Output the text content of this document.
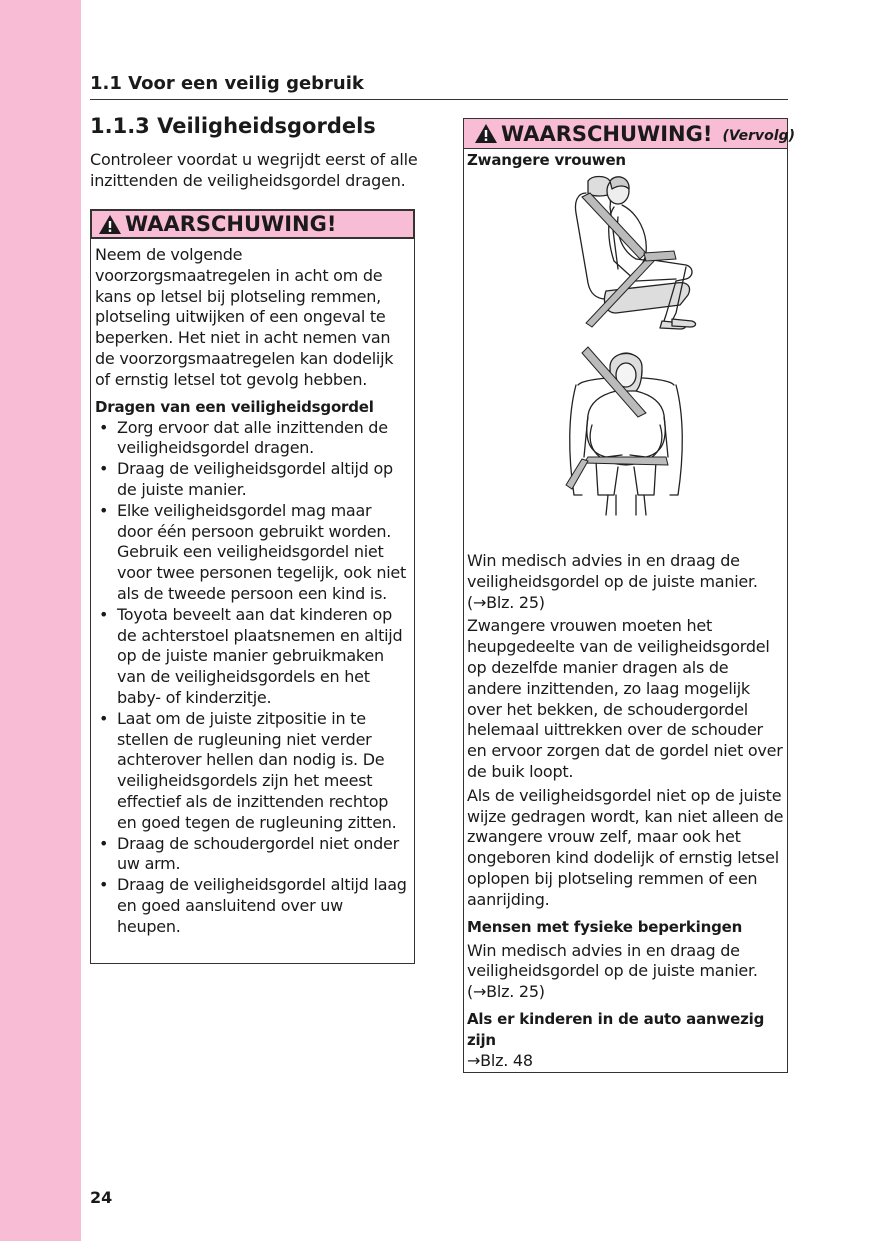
1.1 Voor een veilig gebruik
1.1.3 Veiligheidsgordels

Controleer voordat u wegrijdt eerst of alle inzittenden de veiligheidsgordel dragen.

WAARSCHUWING!

Neem de volgende voorzorgsmaatregelen in acht om de kans op letsel bij plotseling remmen, plotseling uitwijken of een ongeval te beperken. Het niet in acht nemen van de voorzorgsmaatregelen kan dodelijk of ernstig letsel tot gevolg hebben.

Dragen van een veiligheidsgordel

• Zorg ervoor dat alle inzittenden de veiligheidsgordel dragen.
• Draag de veiligheidsgordel altijd op de juiste manier.
• Elke veiligheidsgordel mag maar door één persoon gebruikt worden. Gebruik een veiligheidsgordel niet voor twee personen tegelijk, ook niet als de tweede persoon een kind is.
• Toyota beveelt aan dat kinderen op de achterstoel plaatsnemen en altijd op de juiste manier gebruikmaken van de veiligheidsgordels en het baby- of kinderzitje.
• Laat om de juiste zitpositie in te stellen de rugleuning niet verder achterover hellen dan nodig is. De veiligheidsgordels zijn het meest effectief als de inzittenden rechtop en goed tegen de rugleuning zitten.
• Draag de schoudergordel niet onder uw arm.
• Draag de veiligheidsgordel altijd laag en goed aansluitend over uw heupen.
WAARSCHUWING! (Vervolg)

Zwangere vrouwen

Win medisch advies in en draag de veiligheidsgordel op de juiste manier. (→Blz. 25)

Zwangere vrouwen moeten het heupgedeelte van de veiligheidsgordel op dezelfde manier dragen als de andere inzittenden, zo laag mogelijk over het bekken, de schoudergordel helemaal uittrekken over de schouder en ervoor zorgen dat de gordel niet over de buik loopt.

Als de veiligheidsgordel niet op de juiste wijze gedragen wordt, kan niet alleen de zwangere vrouw zelf, maar ook het ongeboren kind dodelijk of ernstig letsel oplopen bij plotseling remmen of een aanrijding.

Mensen met fysieke beperkingen

Win medisch advies in en draag de veiligheidsgordel op de juiste manier. (→Blz. 25)

Als er kinderen in de auto aanwezig zijn

→Blz. 48

24
